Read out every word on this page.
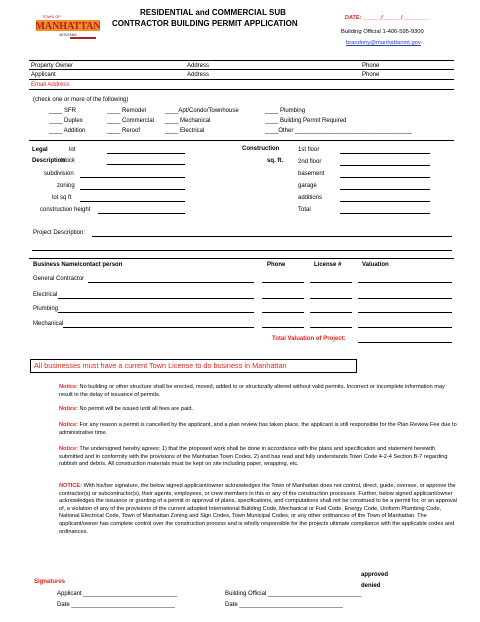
MANHATTAN
TOWN OF
MONTANA
RESIDENTIAL and COMMERCIAL SUB
CONTRACTOR BUILDING PERMIT APPLICATION
DATE: ______/______/________
Building Official 1-406-595-9300
brandony@manhattanmt.gov
Property Owner	Address	Phone
Applicant	Address	Phone
Email Address
(check one or more of the following)
____ SFR
____ Duplex
____ Addition
____ Remodel
____ Commercial
____ Reroof
____Apt/Condo/Townhouse
____ Mechanical
____ Electrical
____ Plumbing
____ Building Permit Required
____Other ___________________________________
Legal
Description
lot
block
subdivision
zoning
lot sq ft
construction height
Construction
sq. ft.
1st floor
2nd floor
basement
garage
additions
Total
Project Description:
Business Name/contact person	Phone	License #	Valuation
General Contractor
Electrical
Plumbing
Mechanical
Total Valuation of Project:
All businesses must have a current Town License to do business in Manhattan
Notice: No building or other structure shall be erected, moved, added to or structurally altered without valid permits. Incorrect or incomplete information may result in the delay of issuance of permits.
Notice: No permit will be issued until all fees are paid.
Notice: For any reason a permit is cancelled by the applicant, and a plan review has taken place, the applicant is still responsible for the Plan Review Fee due to administrative time.
Notice: The undersigned hereby agrees: 1) that the proposed work shall be done in accordance with the plans and specification and statement herewith submitted and in conformity with the provisions of the Manhattan Town Codes, 2) and has read and fully understands Town Code 4-2-4 Section B-7 regarding rubbish and debris. All construction materials must be kept on site including paper, wrapping, etc.
NOTICE: With his/her signature, the below signed applicant/owner acknowledges the Town of Manhattan does not control, direct, guide, oversee, or approve the contractor(s) or subcontractor(s), their agents, employees, or crew members in this or any of the construction processes. Further, below signed applicant/owner acknowledges the issuance or granting of a permit or approval of plans, specifications, and computations shall not be construed to be a permit for, or an approval of, a violation of any of the provisions of the current adopted International Building Code, Mechanical or Fuel Code, Energy Code, Uniform Plumbing Code, National Electrical Code, Town of Manhattan Zoning and Sign Codes, Town Municipal Codes, or any other ordinances of the Town of Manhattan. The applicant/owner has complete control over the construction process and is wholly responsible for the projects ultimate compliance with the applicable codes and ordinances.
approved
denied
Signatures
Applicant ____________________________
Date _______________________________
Building Official ____________________________
Date _______________________________
